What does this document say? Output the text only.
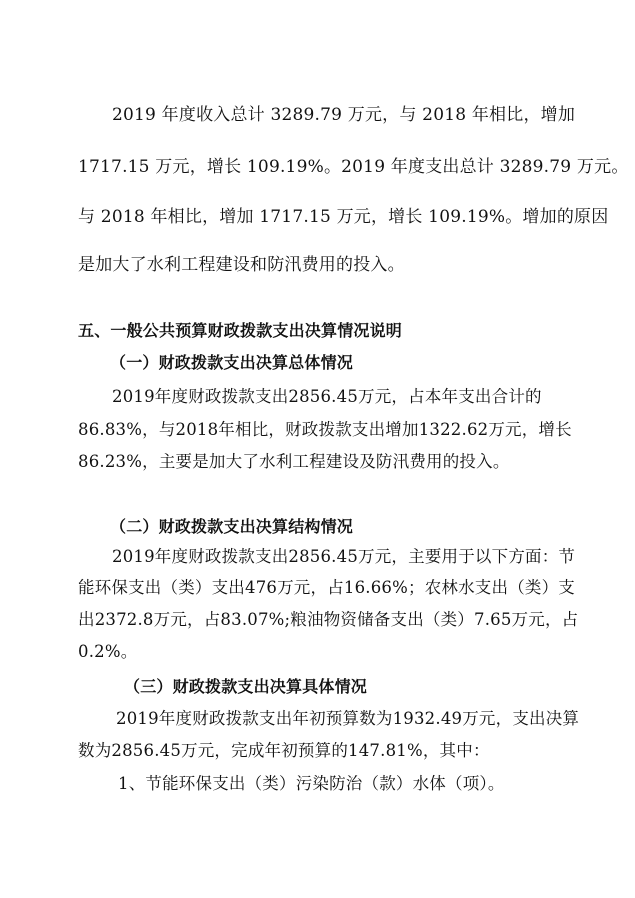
2019 年度收入总计 3289.79 万元，与 2018 年相比，增加
1717.15 万元，增长 109.19%。2019 年度支出总计 3289.79 万元。
与 2018 年相比，增加 1717.15 万元，增长 109.19%。增加的原因
是加大了水利工程建设和防汛费用的投入。
五、一般公共预算财政拨款支出决算情况说明
（一）财政拨款支出决算总体情况
2019年度财政拨款支出2856.45万元，占本年支出合计的
86.83%，与2018年相比，财政拨款支出增加1322.62万元，增长
86.23%，主要是加大了水利工程建设及防汛费用的投入。
（二）财政拨款支出决算结构情况
2019年度财政拨款支出2856.45万元，主要用于以下方面：节
能环保支出（类）支出476万元，占16.66%；农林水支出（类）支
出2372.8万元，占83.07%;粮油物资储备支出（类）7.65万元，占
0.2%。
（三）财政拨款支出决算具体情况
2019年度财政拨款支出年初预算数为1932.49万元，支出决算
数为2856.45万元，完成年初预算的147.81%，其中：
1、节能环保支出（类）污染防治（款）水体（项）。
